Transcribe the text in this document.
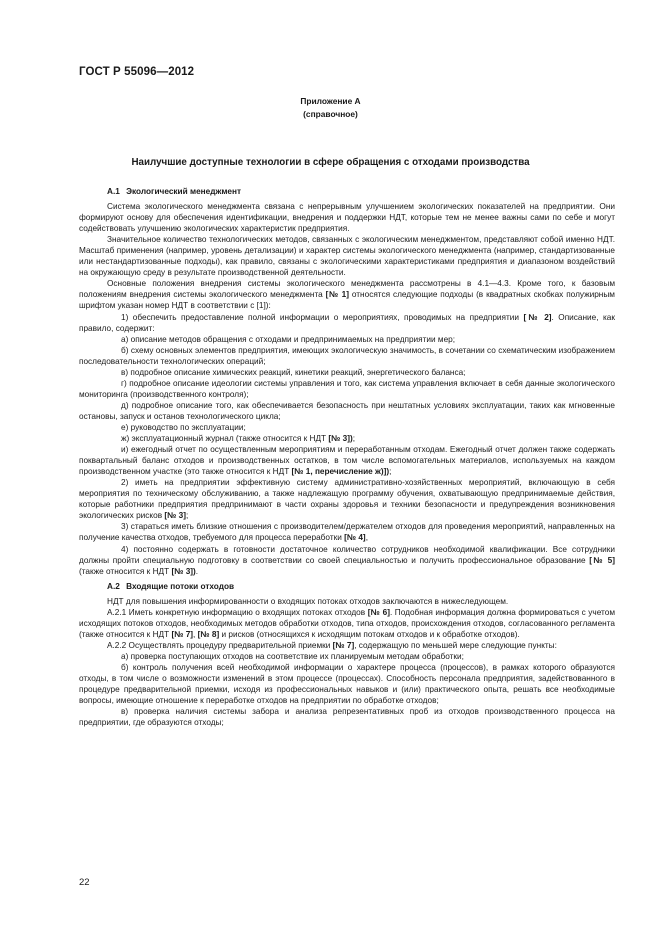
ГОСТ Р 55096—2012
Приложение А
(справочное)
Наилучшие доступные технологии в сфере обращения с отходами производства
А.1 Экологический менеджмент

Система экологического менеджмента связана с непрерывным улучшением экологических показателей на предприятии. Они формируют основу для обеспечения идентификации, внедрения и поддержки НДТ, которые тем не менее важны сами по себе и могут содействовать улучшению экологических характеристик предприятия.

Значительное количество технологических методов, связанных с экологическим менеджментом, представляют собой именно НДТ. Масштаб применения (например, уровень детализации) и характер системы экологического менеджмента (например, стандартизованные или нестандартизованные подходы), как правило, связаны с экологическими характеристиками предприятия и диапазоном воздействий на окружающую среду в результате производственной деятельности.

Основные положения внедрения системы экологического менеджмента рассмотрены в 4.1—4.3. Кроме того, к базовым положениям внедрения системы экологического менеджмента [№ 1] относятся следующие подходы (в квадратных скобках полужирным шрифтом указан номер НДТ в соответствии с [1]):

1) обеспечить предоставление полной информации о мероприятиях, проводимых на предприятии [№ 2]. Описание, как правило, содержит:

а) описание методов обращения с отходами и предпринимаемых на предприятии мер;

б) схему основных элементов предприятия, имеющих экологическую значимость, в сочетании со схематическим изображением последовательности технологических операций;

в) подробное описание химических реакций, кинетики реакций, энергетического баланса;

г) подробное описание идеологии системы управления и того, как система управления включает в себя данные экологического мониторинга (производственного контроля);

д) подробное описание того, как обеспечивается безопасность при нештатных условиях эксплуатации, таких как мгновенные остановы, запуск и останов технологического цикла;

е) руководство по эксплуатации;

ж) эксплуатационный журнал (также относится к НДТ [№ 3]);

и) ежегодный отчет по осуществленным мероприятиям и переработанным отходам. Ежегодный отчет должен также содержать поквартальный баланс отходов и производственных остатков, в том числе вспомогательных материалов, используемых на каждом производственном участке (это также относится к НДТ [№ 1, перечисление ж)]);

2) иметь на предприятии эффективную систему административно-хозяйственных мероприятий, включающую в себя мероприятия по техническому обслуживанию, а также надлежащую программу обучения, охватывающую предпринимаемые действия, которые работники предприятия предпринимают в части охраны здоровья и техники безопасности и предупреждения возникновения экологических рисков [№ 3];

3) стараться иметь близкие отношения с производителем/держателем отходов для проведения мероприятий, направленных на получение качества отходов, требуемого для процесса переработки [№ 4],

4) постоянно содержать в готовности достаточное количество сотрудников необходимой квалификации. Все сотрудники должны пройти специальную подготовку в соответствии со своей специальностью и получить профессиональное образование [№ 5] (также относится к НДТ [№ 3]).

А.2 Входящие потоки отходов

НДТ для повышения информированности о входящих потоках отходов заключаются в нижеследующем.

А.2.1 Иметь конкретную информацию о входящих потоках отходов [№ 6]. Подобная информация должна формироваться с учетом исходящих потоков отходов, необходимых методов обработки отходов, типа отходов, происхождения отходов, согласованного регламента (также относится к НДТ [№ 7], [№ 8] и рисков (относящихся к исходящим потокам отходов и к обработке отходов).

А.2.2 Осуществлять процедуру предварительной приемки [№ 7], содержащую по меньшей мере следующие пункты:

а) проверка поступающих отходов на соответствие их планируемым методам обработки;

б) контроль получения всей необходимой информации о характере процесса (процессов), в рамках которого образуются отходы, в том числе о возможности изменений в этом процессе (процессах). Способность персонала предприятия, задействованного в процедуре предварительной приемки, исходя из профессиональных навыков и (или) практического опыта, решать все необходимые вопросы, имеющие отношение к переработке отходов на предприятии по обработке отходов;

в) проверка наличия системы забора и анализа репрезентативных проб из отходов производственного процесса на предприятии, где образуются отходы;

22
